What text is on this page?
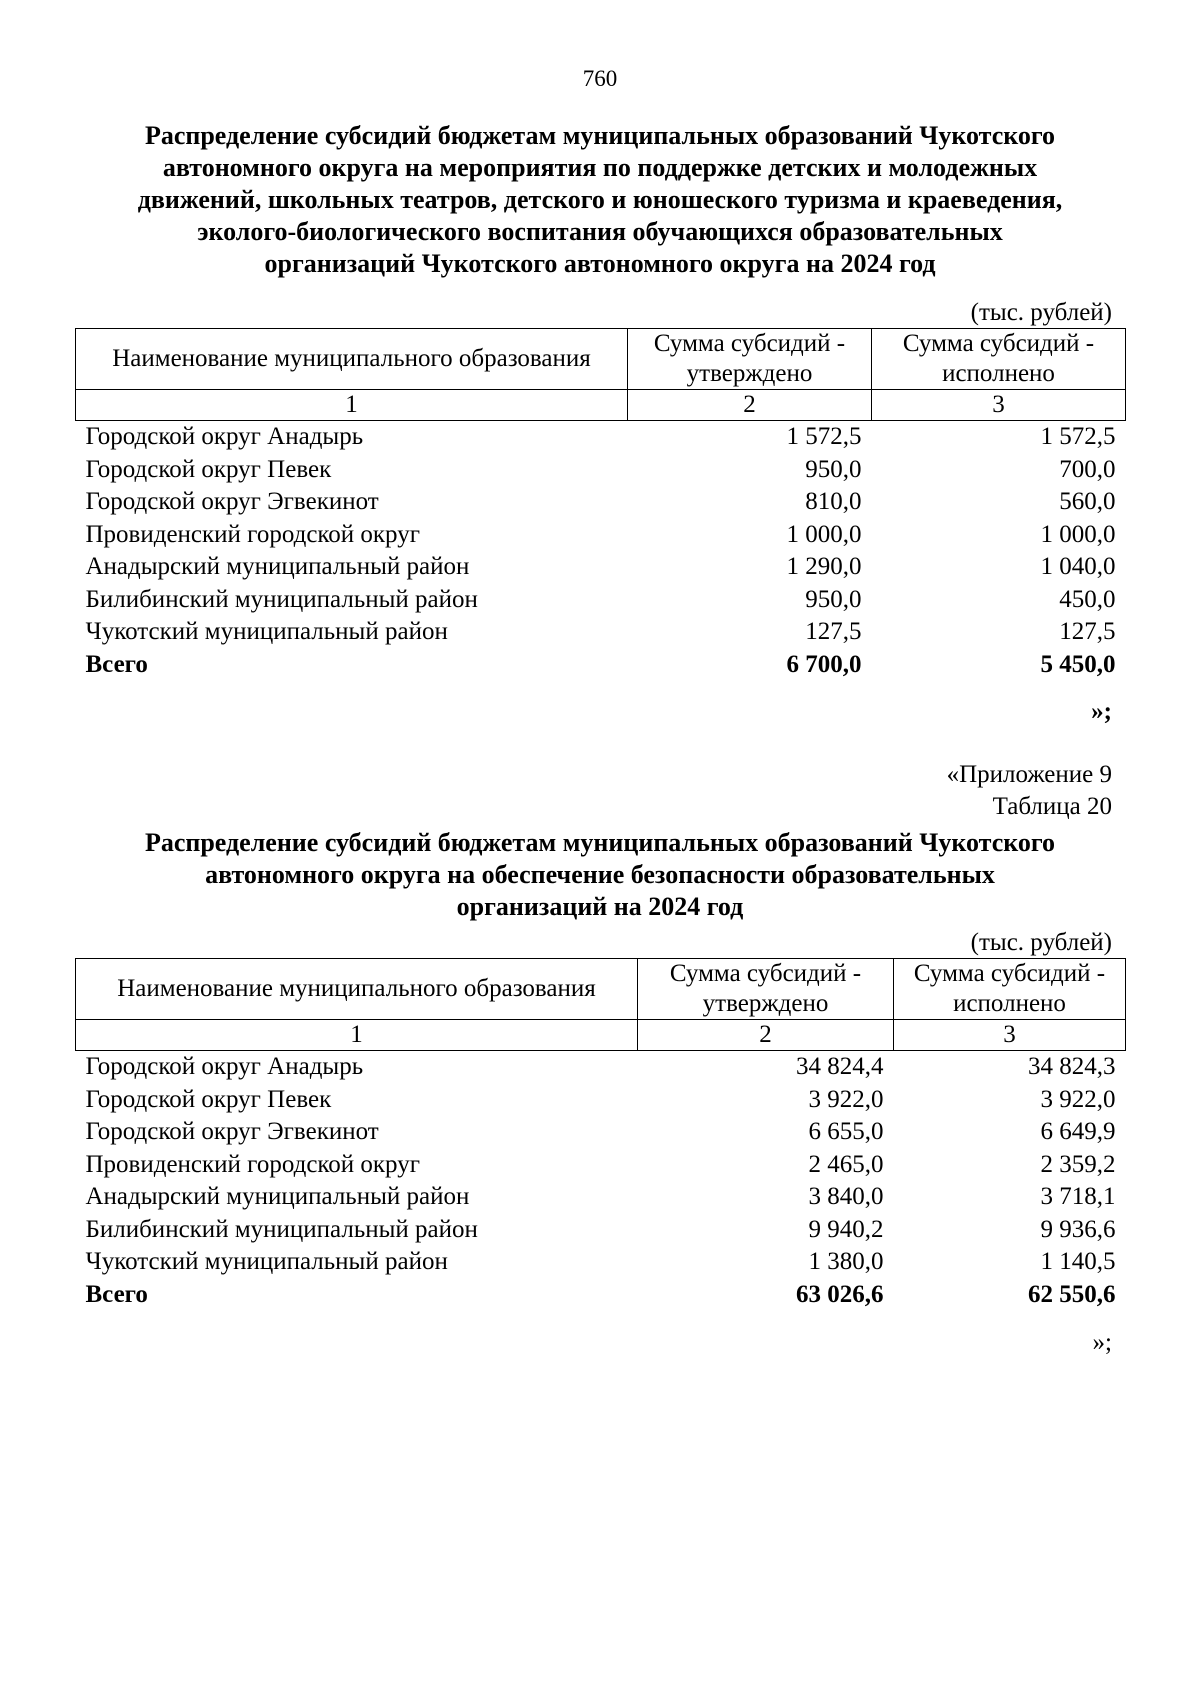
760
Распределение субсидий бюджетам муниципальных образований Чукотского
автономного округа на мероприятия по поддержке детских и молодежных
движений, школьных театров, детского и юношеского туризма и краеведения,
эколого-биологического воспитания обучающихся образовательных
организаций Чукотского автономного округа на 2024 год
(тыс. рублей)
Наименование муниципального образования	Сумма субсидий - утверждено	Сумма субсидий - исполнено
1	2	3
Городской округ Анадырь	1 572,5	1 572,5
Городской округ Певек	950,0	700,0
Городской округ Эгвекинот	810,0	560,0
Провиденский городской округ	1 000,0	1 000,0
Анадырский муниципальный район	1 290,0	1 040,0
Билибинский муниципальный район	950,0	450,0
Чукотский муниципальный район	127,5	127,5
Всего	6 700,0	5 450,0
»;
«Приложение 9
Таблица 20
Распределение субсидий бюджетам муниципальных образований Чукотского
автономного округа на обеспечение безопасности образовательных
организаций на 2024 год
(тыс. рублей)
Наименование муниципального образования	Сумма субсидий - утверждено	Сумма субсидий - исполнено
1	2	3
Городской округ Анадырь	34 824,4	34 824,3
Городской округ Певек	3 922,0	3 922,0
Городской округ Эгвекинот	6 655,0	6 649,9
Провиденский городской округ	2 465,0	2 359,2
Анадырский муниципальный район	3 840,0	3 718,1
Билибинский муниципальный район	9 940,2	9 936,6
Чукотский муниципальный район	1 380,0	1 140,5
Всего	63 026,6	62 550,6
»;
